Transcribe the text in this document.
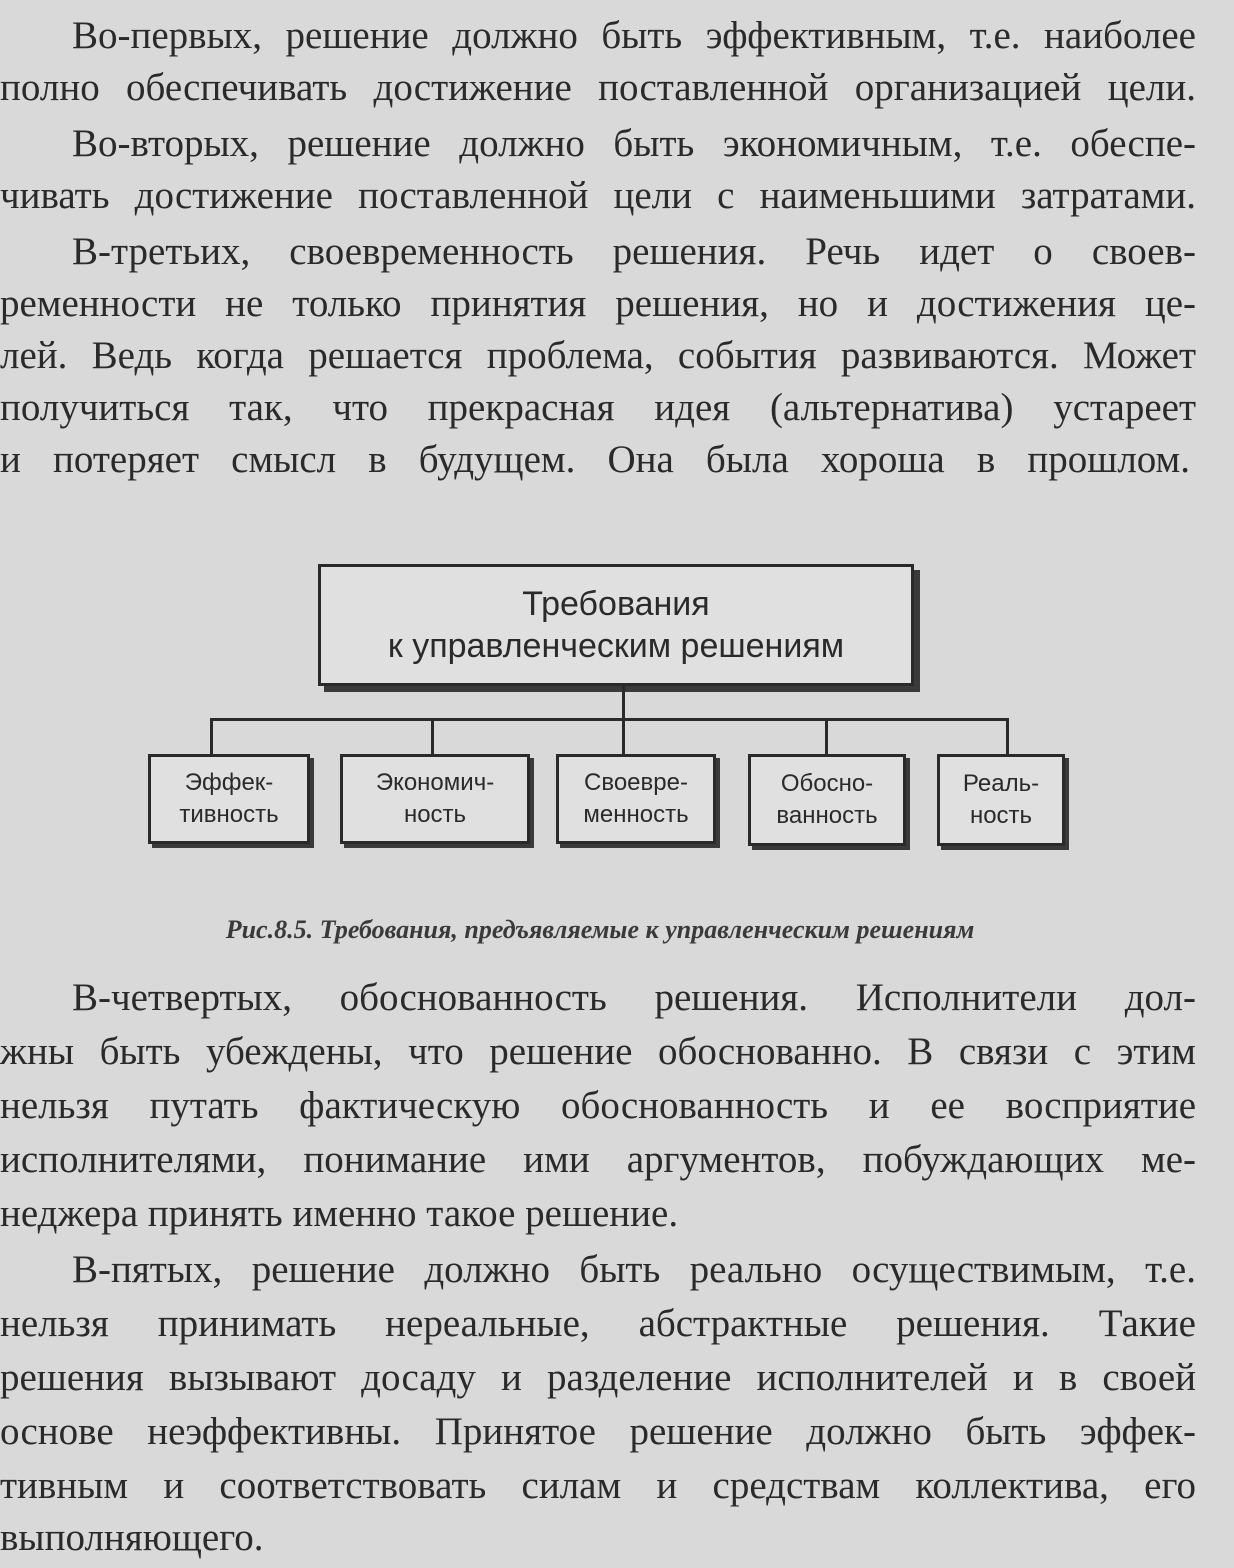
Во-первых, решение должно быть эффективным, т.е. наиболее
полно обеспечивать достижение поставленной организацией цели.
Во-вторых, решение должно быть экономичным, т.е. обеспе-
чивать достижение поставленной цели с наименьшими затратами.
В-третьих, своевременность решения. Речь идет о своев-
ременности не только принятия решения, но и достижения це-
лей. Ведь когда решается проблема, события развиваются. Может
получиться так, что прекрасная идея (альтернатива) устареет
и потеряет смысл в будущем. Она была хороша в прошлом.
Требования
к управленческим решениям
Эффек-
тивность
Экономич-
ность
Своевре-
менность
Обосно-
ванность
Реаль-
ность
Рис.8.5. Требования, предъявляемые к управленческим решениям
В-четвертых, обоснованность решения. Исполнители дол-
жны быть убеждены, что решение обоснованно. В связи с этим
нельзя путать фактическую обоснованность и ее восприятие
исполнителями, понимание ими аргументов, побуждающих ме-
неджера принять именно такое решение.
В-пятых, решение должно быть реально осуществимым, т.е.
нельзя принимать нереальные, абстрактные решения. Такие
решения вызывают досаду и разделение исполнителей и в своей
основе неэффективны. Принятое решение должно быть эффек-
тивным и соответствовать силам и средствам коллектива, его
выполняющего.
